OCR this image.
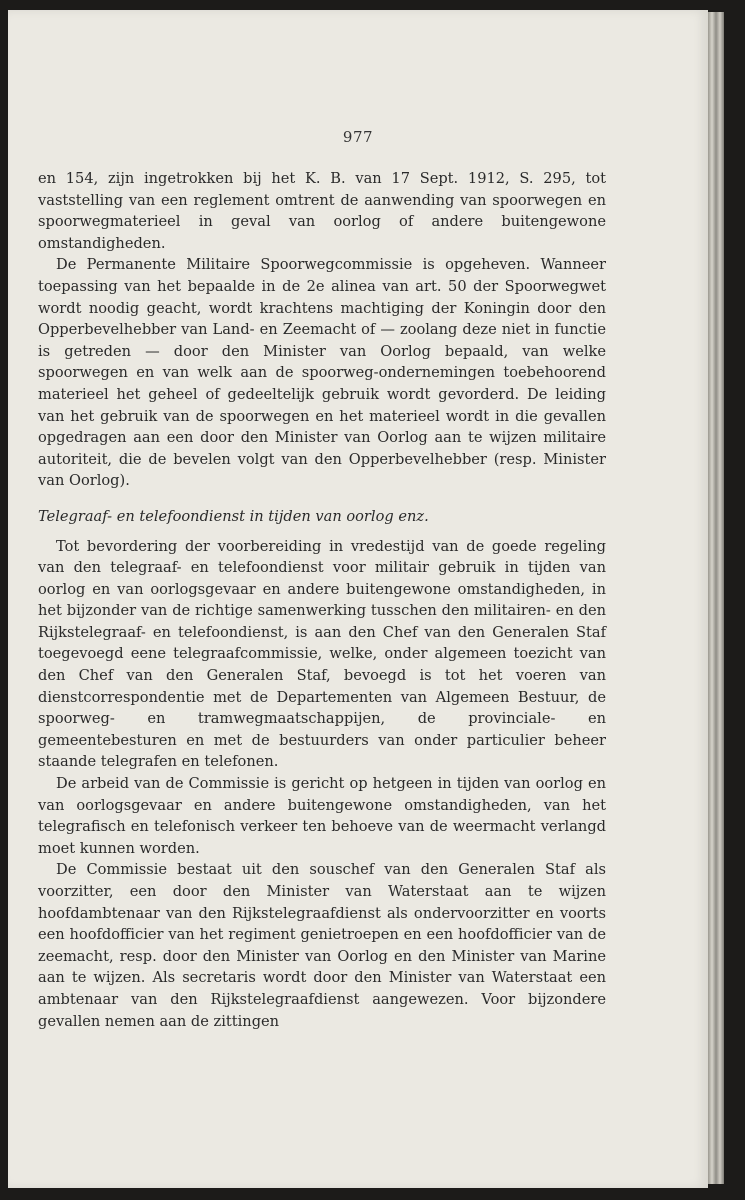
977

en 154, zijn ingetrokken bij het K. B. van 17 Sept. 1912, S. 295, tot vaststelling van een reglement omtrent de aanwending van spoorwegen en spoorwegmaterieel in geval van oorlog of andere buitengewone omstandigheden.

De Permanente Militaire Spoorwegcommissie is opgeheven. Wanneer toepassing van het bepaalde in de 2e alinea van art. 50 der Spoorwegwet wordt noodig geacht, wordt krachtens machtiging der Koningin door den Opperbevelhebber van Land- en Zeemacht of — zoolang deze niet in functie is getreden — door den Minister van Oorlog bepaald, van welke spoorwegen en van welk aan de spoorweg-ondernemingen toebehoorend materieel het geheel of gedeeltelijk gebruik wordt gevorderd. De leiding van het gebruik van de spoorwegen en het materieel wordt in die gevallen opgedragen aan een door den Minister van Oorlog aan te wijzen militaire autoriteit, die de bevelen volgt van den Opperbevelhebber (resp. Minister van Oorlog).

Telegraaf- en telefoondienst in tijden van oorlog enz.

Tot bevordering der voorbereiding in vredestijd van de goede regeling van den telegraaf- en telefoondienst voor militair gebruik in tijden van oorlog en van oorlogsgevaar en andere buitengewone omstandigheden, in het bijzonder van de richtige samenwerking tusschen den militairen- en den Rijkstelegraaf- en telefoondienst, is aan den Chef van den Generalen Staf toegevoegd eene telegraafcommissie, welke, onder algemeen toezicht van den Chef van den Generalen Staf, bevoegd is tot het voeren van dienstcorrespondentie met de Departementen van Algemeen Bestuur, de spoorweg- en tramwegmaatschappijen, de provinciale- en gemeentebesturen en met de bestuurders van onder particulier beheer staande telegrafen en telefonen.

De arbeid van de Commissie is gericht op hetgeen in tijden van oorlog en van oorlogsgevaar en andere buitengewone omstandigheden, van het telegrafisch en telefonisch verkeer ten behoeve van de weermacht verlangd moet kunnen worden.

De Commissie bestaat uit den souschef van den Generalen Staf als voorzitter, een door den Minister van Waterstaat aan te wijzen hoofdambtenaar van den Rijkstelegraafdienst als ondervoorzitter en voorts een hoofdofficier van het regiment genietroepen en een hoofdofficier van de zeemacht, resp. door den Minister van Oorlog en den Minister van Marine aan te wijzen. Als secretaris wordt door den Minister van Waterstaat een ambtenaar van den Rijkstelegraafdienst aangewezen. Voor bijzondere gevallen nemen aan de zittingen
